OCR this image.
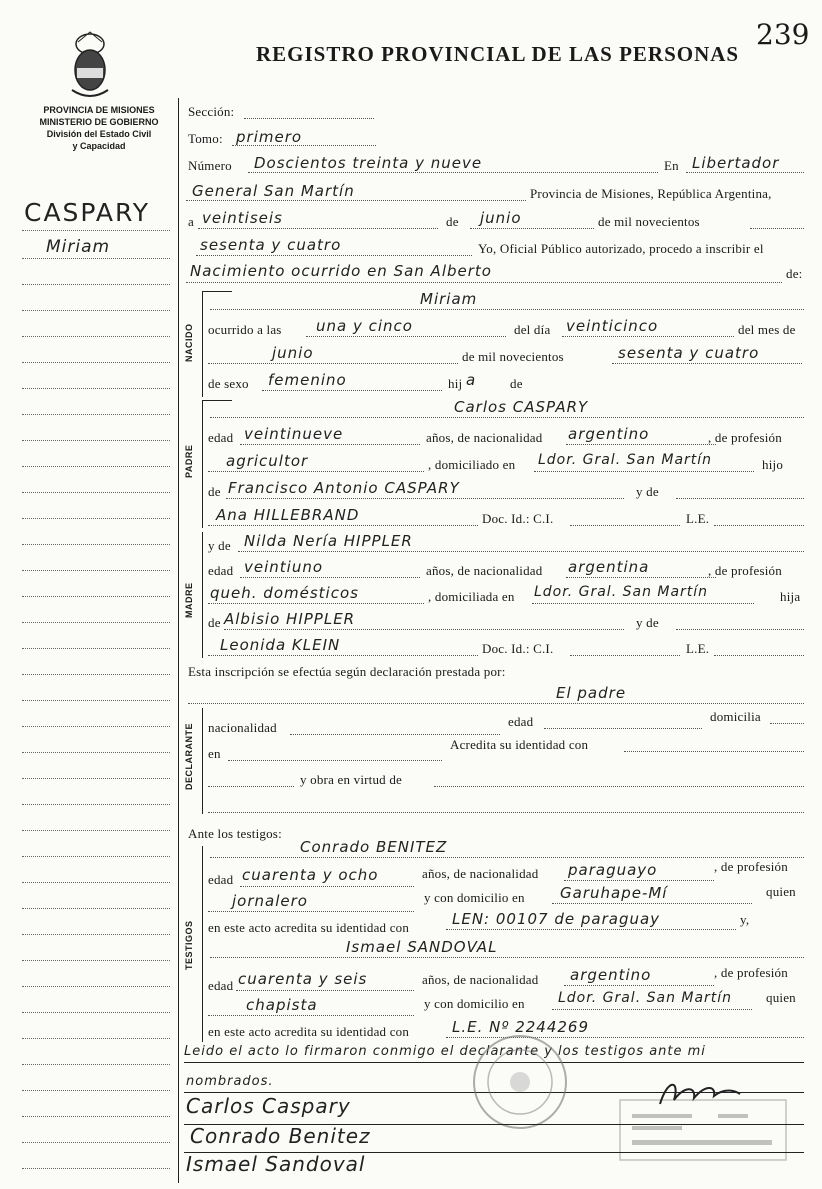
PROVINCIA DE MISIONES
MINISTERIO DE GOBIERNO
División del Estado Civil
y Capacidad
REGISTRO PROVINCIAL DE LAS PERSONAS
239
CASPARY
Miriam
Sección:
Tomo: primero
Número Doscientos treinta y nueve	En Libertador
General San Martín	Provincia de Misiones, República Argentina,
a veintiseis	de junio	de mil novecientos
sesenta y cuatro	Yo, Oficial Público autorizado, procedo a inscribir el
Nacimiento ocurrido en San Alberto	de:
NACIDO
Miriam
ocurrido a las una y cinco	del día veinticinco	del mes de
junio	de mil novecientos	sesenta y cuatro
de sexo femenino	hij a	de
PADRE
Carlos CASPARY
edad veintinueve	años, de nacionalidad argentino	, de profesión
agricultor	, domiciliado en Ldor. Gral. San Martín	hijo
de Francisco Antonio CASPARY	y de
Ana HILLEBRAND	Doc. Id.: C.I.	L.E.
MADRE
y de Nilda Nería HIPPLER
edad veintiuno	años, de nacionalidad argentina	, de profesión
queh. domésticos	, domiciliada en Ldor. Gral. San Martín	hija
de Albisio HIPPLER	y de
Leonida KLEIN	Doc. Id.: C.I.	L.E.
Esta inscripción se efectúa según declaración prestada por:
El padre
DECLARANTE nacionalidad	edad	domicilia
en
Acredita su identidad con
y obra en virtud de
Ante los testigos:
TESTIGOS
Conrado BENITEZ
edad cuarenta y ocho	años, de nacionalidad paraguayo	, de profesión
jornalero	y con domicilio en Garuhape-Mí	quien
en este acto acredita su identidad con	LEN: 00107 de paraguay	y,
Ismael SANDOVAL
edad cuarenta y seis	años, de nacionalidad argentino	, de profesión
chapista	y con domicilio en Ldor. Gral. San Martín	quien
en este acto acredita su identidad con	L.E. Nº 2244269
Leido el acto lo firmaron conmigo el declarante y los testigos ante mi
nombrados.
Carlos Caspary
Conrado Benitez
Ismael Sandoval
